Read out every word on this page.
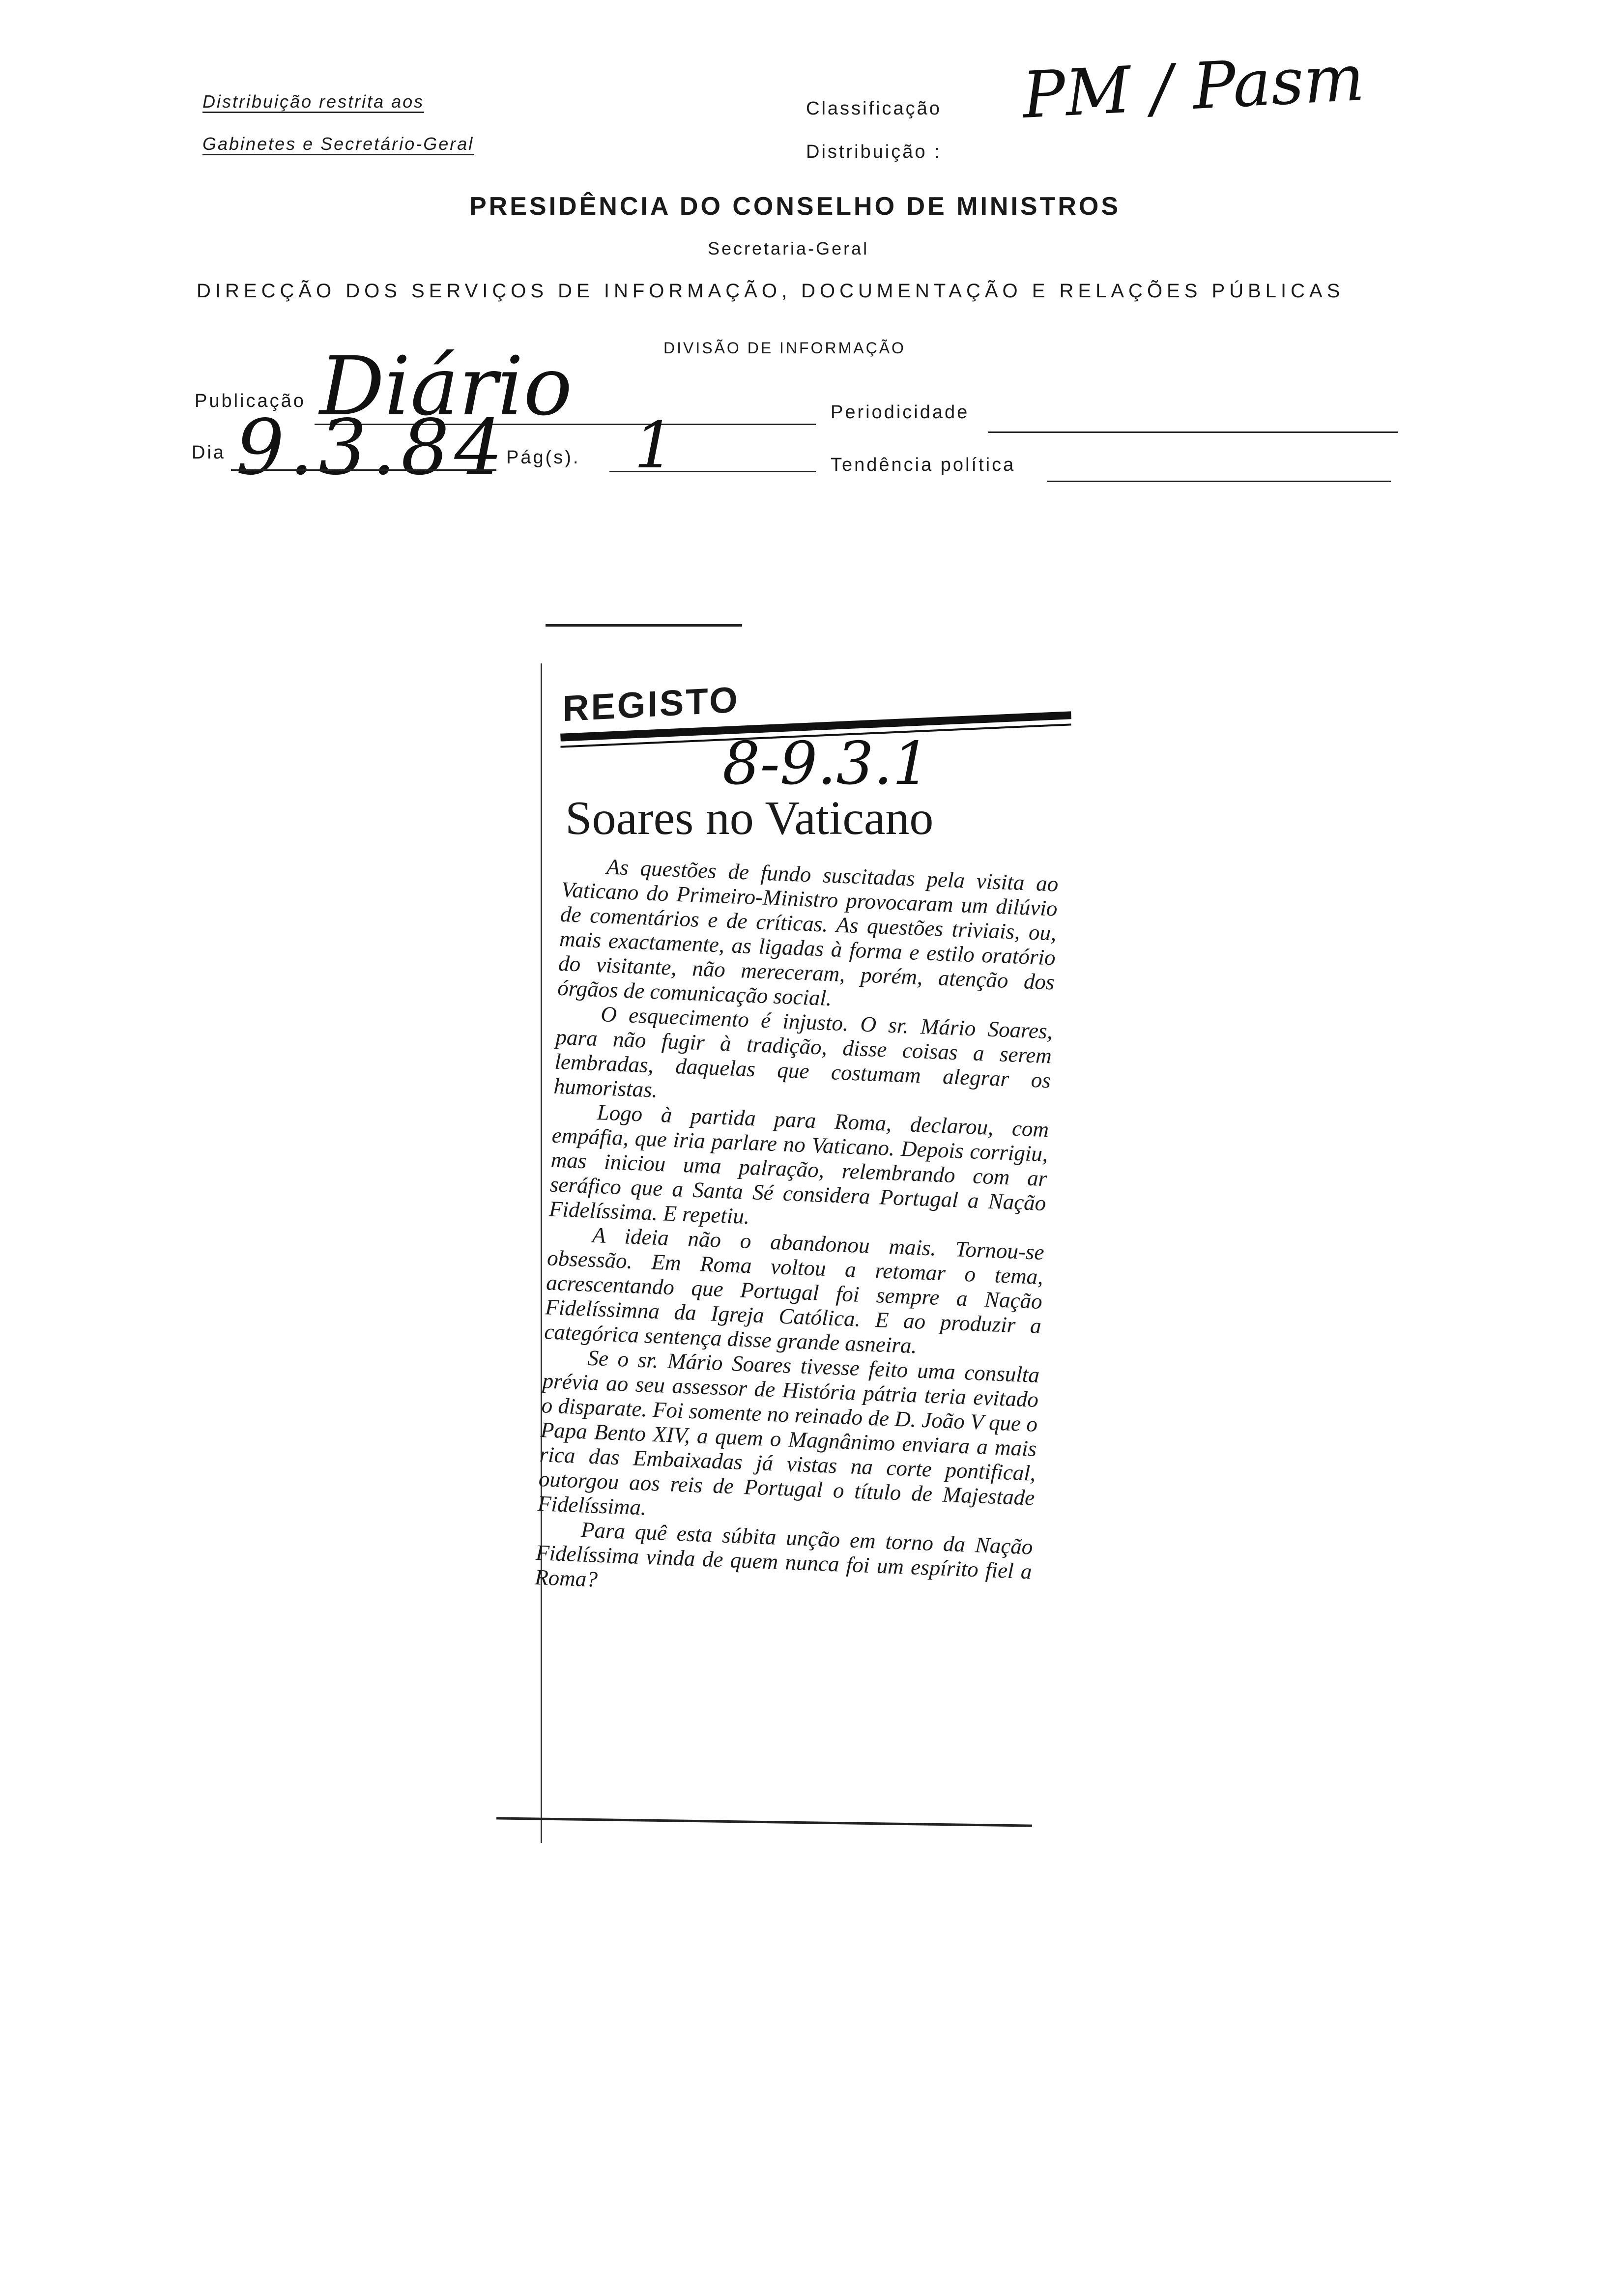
Distribuição restrita aos
Gabinetes e Secretário-Geral
Classificação
Distribuição :
PM / Pasm
PRESIDÊNCIA DO CONSELHO DE MINISTROS
Secretaria-Geral
DIRECÇÃO DOS SERVIÇOS DE INFORMAÇÃO, DOCUMENTAÇÃO E RELAÇÕES PÚBLICAS
DIVISÃO DE INFORMAÇÃO
Publicação Diário	Periodicidade
Dia 9.3.84
Pág(s). 1	Tendência política
REGISTO
8-9.3.1
Soares no Vaticano

As questões de fundo suscitadas pela visita ao Vaticano do Primeiro-Ministro provocaram um dilúvio de comentários e de críticas. As questões triviais, ou, mais exactamente, as ligadas à forma e estilo oratório do visitante, não mereceram, porém, atenção dos órgãos de comunicação social.

O esquecimento é injusto. O sr. Mário Soares, para não fugir à tradição, disse coisas a serem lembradas, daquelas que costumam alegrar os humoristas.

Logo à partida para Roma, declarou, com empáfia, que iria parlare no Vaticano. Depois corrigiu, mas iniciou uma palração, relembrando com ar seráfico que a Santa Sé considera Portugal a Nação Fidelíssima. E repetiu.

A ideia não o abandonou mais. Tornou-se obsessão. Em Roma voltou a retomar o tema, acrescentando que Portugal foi sempre a Nação Fidelíssimna da Igreja Católica. E ao produzir a categórica sentença disse grande asneira.

Se o sr. Mário Soares tivesse feito uma consulta prévia ao seu assessor de História pátria teria evitado o disparate. Foi somente no reinado de D. João V que o Papa Bento XIV, a quem o Magnânimo enviara a mais rica das Embaixadas já vistas na corte pontifical, outorgou aos reis de Portugal o título de Majestade Fidelíssima.

Para quê esta súbita unção em torno da Nação Fidelíssima vinda de quem nunca foi um espírito fiel a Roma?
